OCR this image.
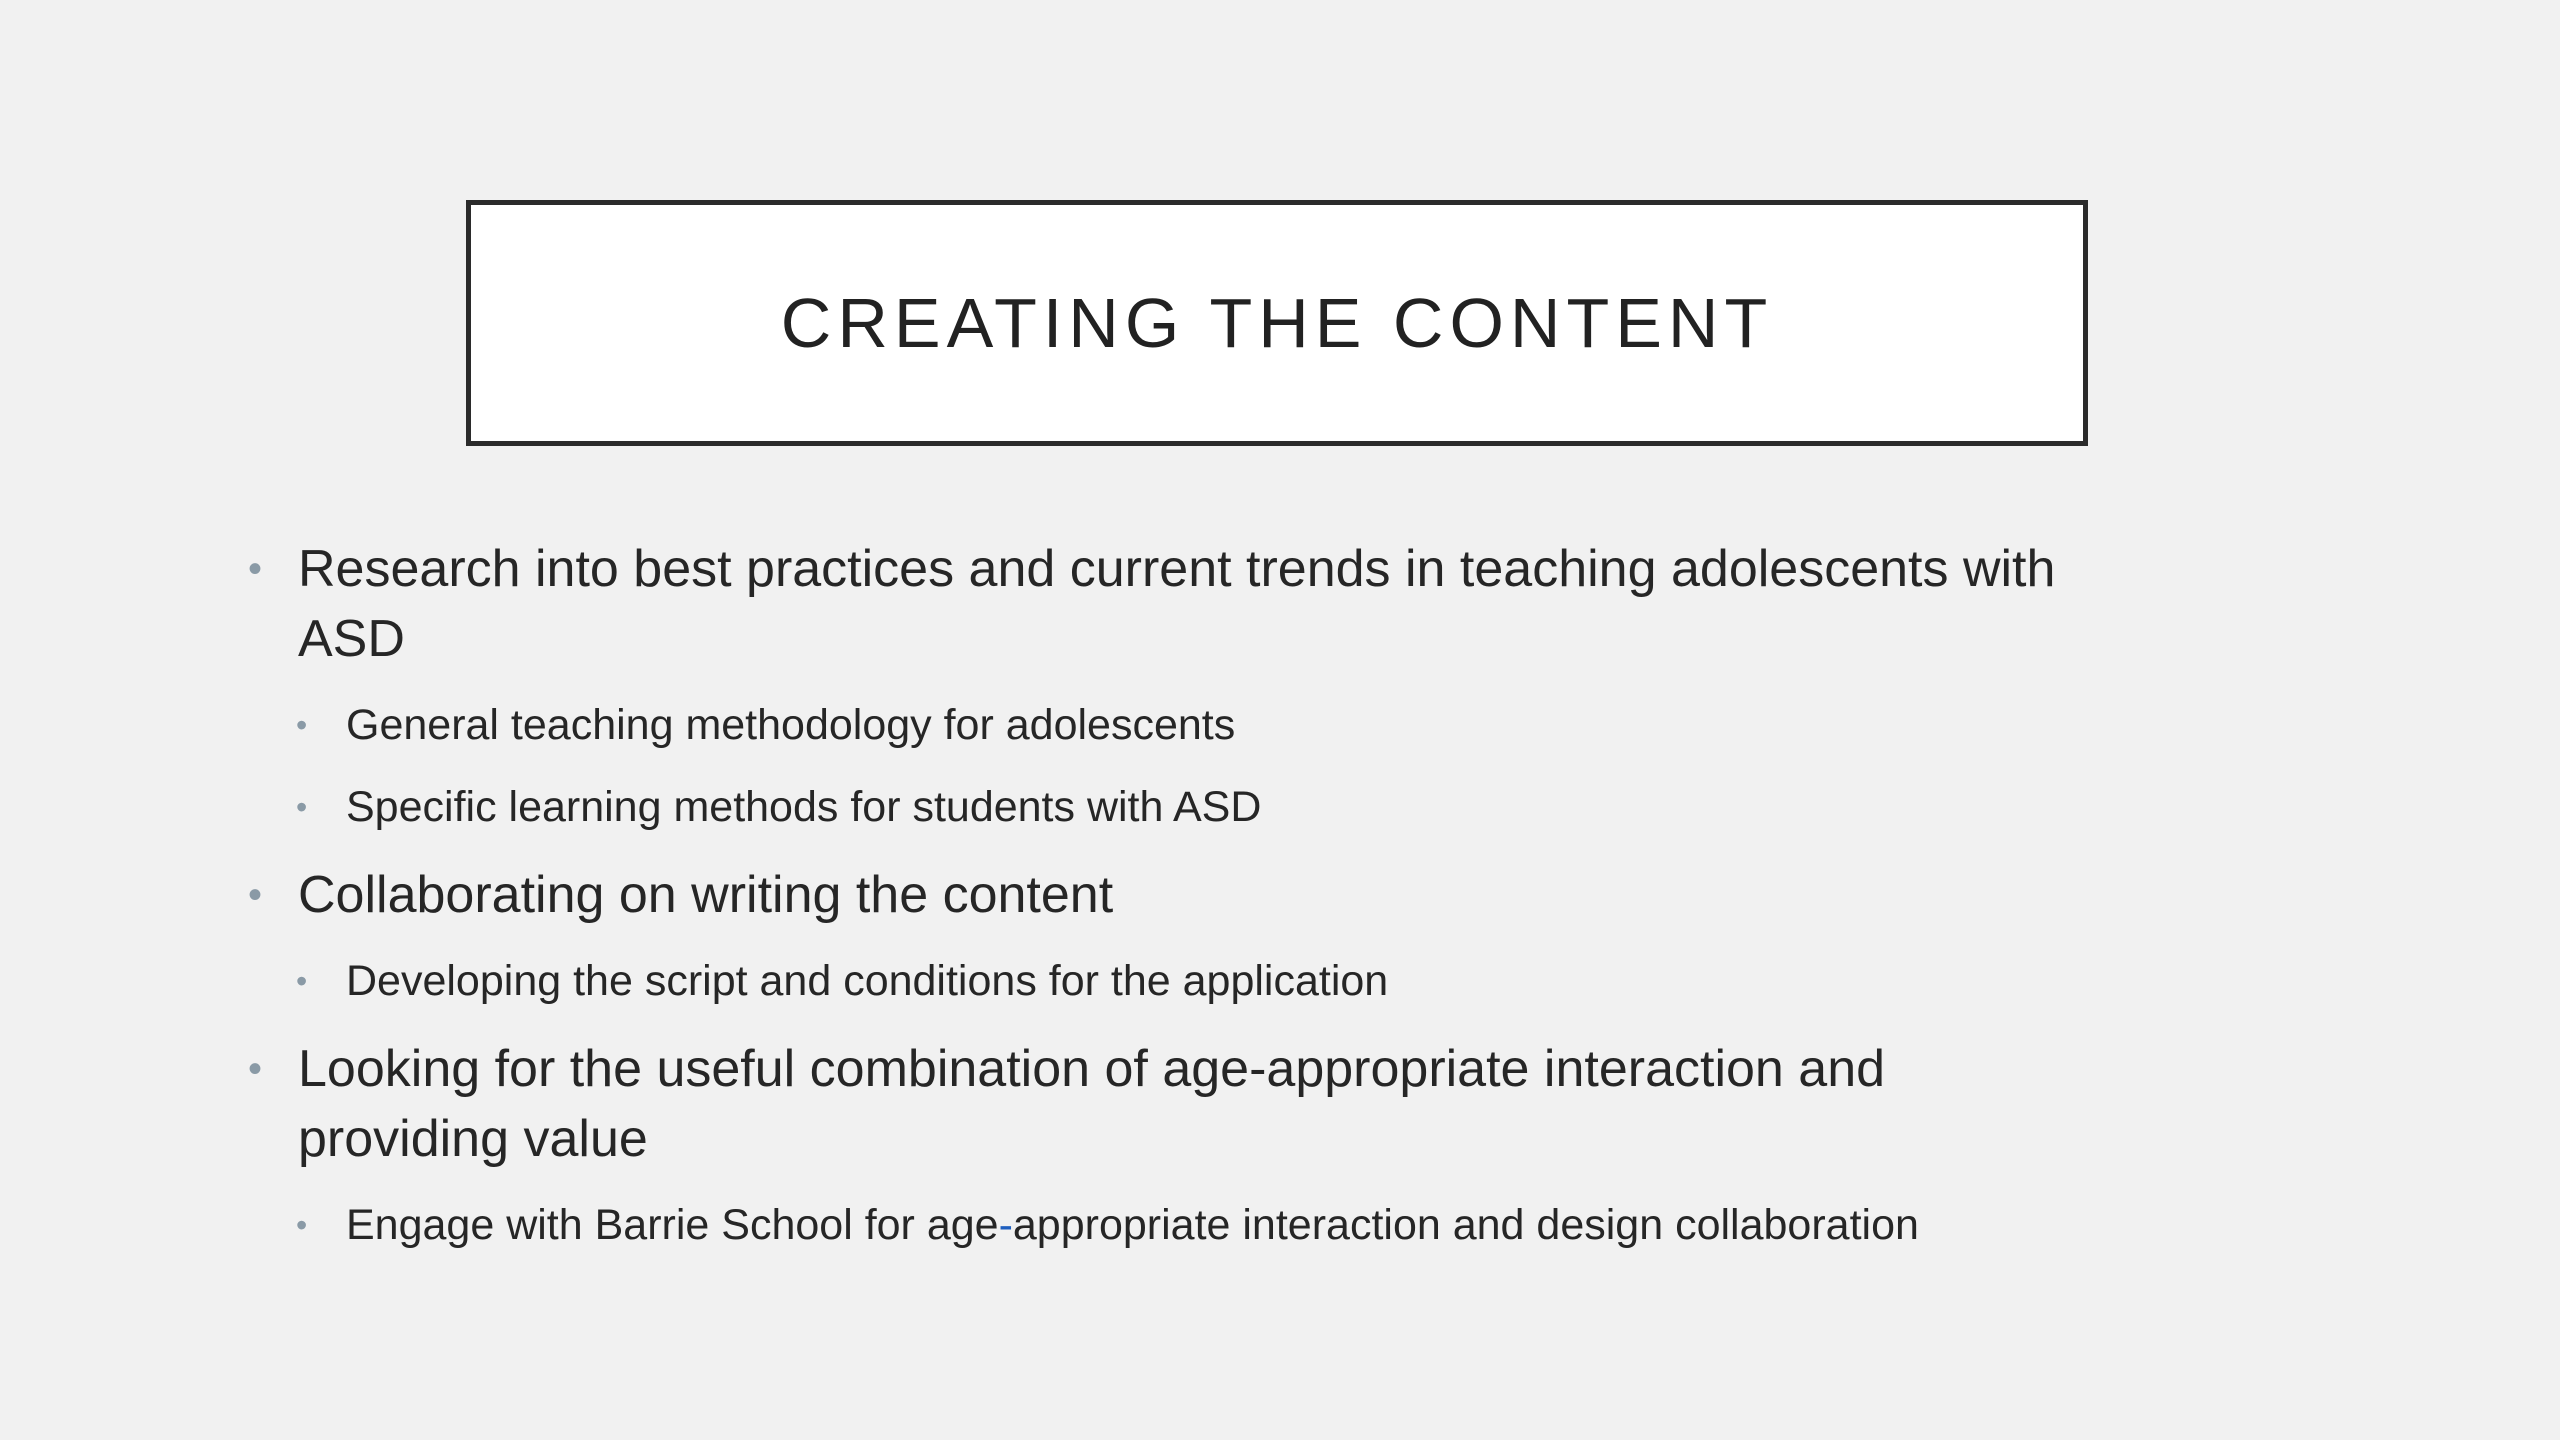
CREATING THE CONTENT
• Research into best practices and current trends in teaching adolescents with ASD
• General teaching methodology for adolescents
• Specific learning methods for students with ASD
• Collaborating on writing the content
• Developing the script and conditions for the application
• Looking for the useful combination of age-appropriate interaction and providing value
• Engage with Barrie School for age-appropriate interaction and design collaboration
